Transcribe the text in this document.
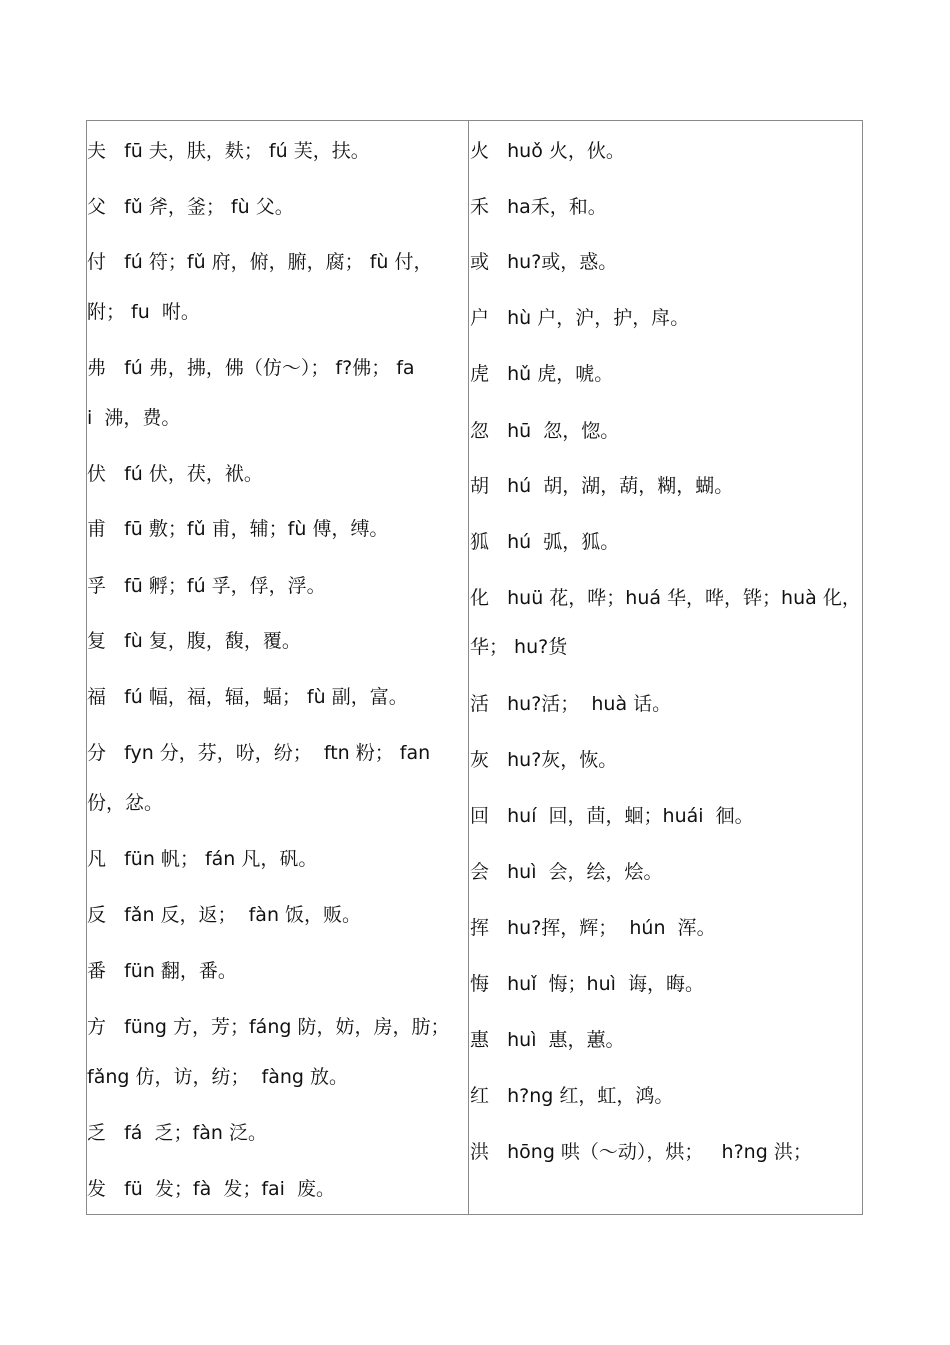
夫   fū 夫，肤，麸； fú 芙，扶。
父   fǔ 斧，釜； fù 父。
付   fú 符；fǔ 府，俯，腑，腐； fù 付，
附； fu  咐。
弗   fú 弗，拂，佛（仿～）； f?佛； fa
i  沸，费。
伏   fú 伏，茯，袱。
甫   fū 敷；fǔ 甫，辅；fù 傅，缚。
孚   fū 孵；fú 孚，俘，浮。
复   fù 复，腹，馥，覆。
福   fú 幅，福，辐，蝠； fù 副，富。
分   fyn 分，芬，吩，纷；  ftn 粉； fan
份，忿。
凡   fün 帆； fán 凡，矾。
反   fǎn 反，返；  fàn 饭，贩。
番   fün 翻，番。
方   füng 方，芳；fáng 防，妨，房，肪；
fǎng 仿，访，纺；  fàng 放。
乏   fá  乏；fàn 泛。
发   fü  发；fà  发；fai  废。
火   huǒ 火，伙。
禾   ha禾，和。
或   hu?或，惑。
户   hù 户，沪，护，戽。
虎   hǔ 虎，唬。
忽   hū  忽，惚。
胡   hú  胡，湖，葫，糊，蝴。
狐   hú  弧，狐。
化   huü 花，哗；huá 华，哗，铧；huà 化，
华； hu?货
活   hu?活；  huà 话。
灰   hu?灰，恢。
回   huí  回，茴，蛔；huái  徊。
会   huì  会，绘，烩。
挥   hu?挥，辉；  hún  浑。
悔   huǐ  悔；huì  诲，晦。
惠   huì  惠，蕙。
红   h?ng 红，虹，鸿。
洪   hōng 哄（～动），烘；   h?ng 洪；
